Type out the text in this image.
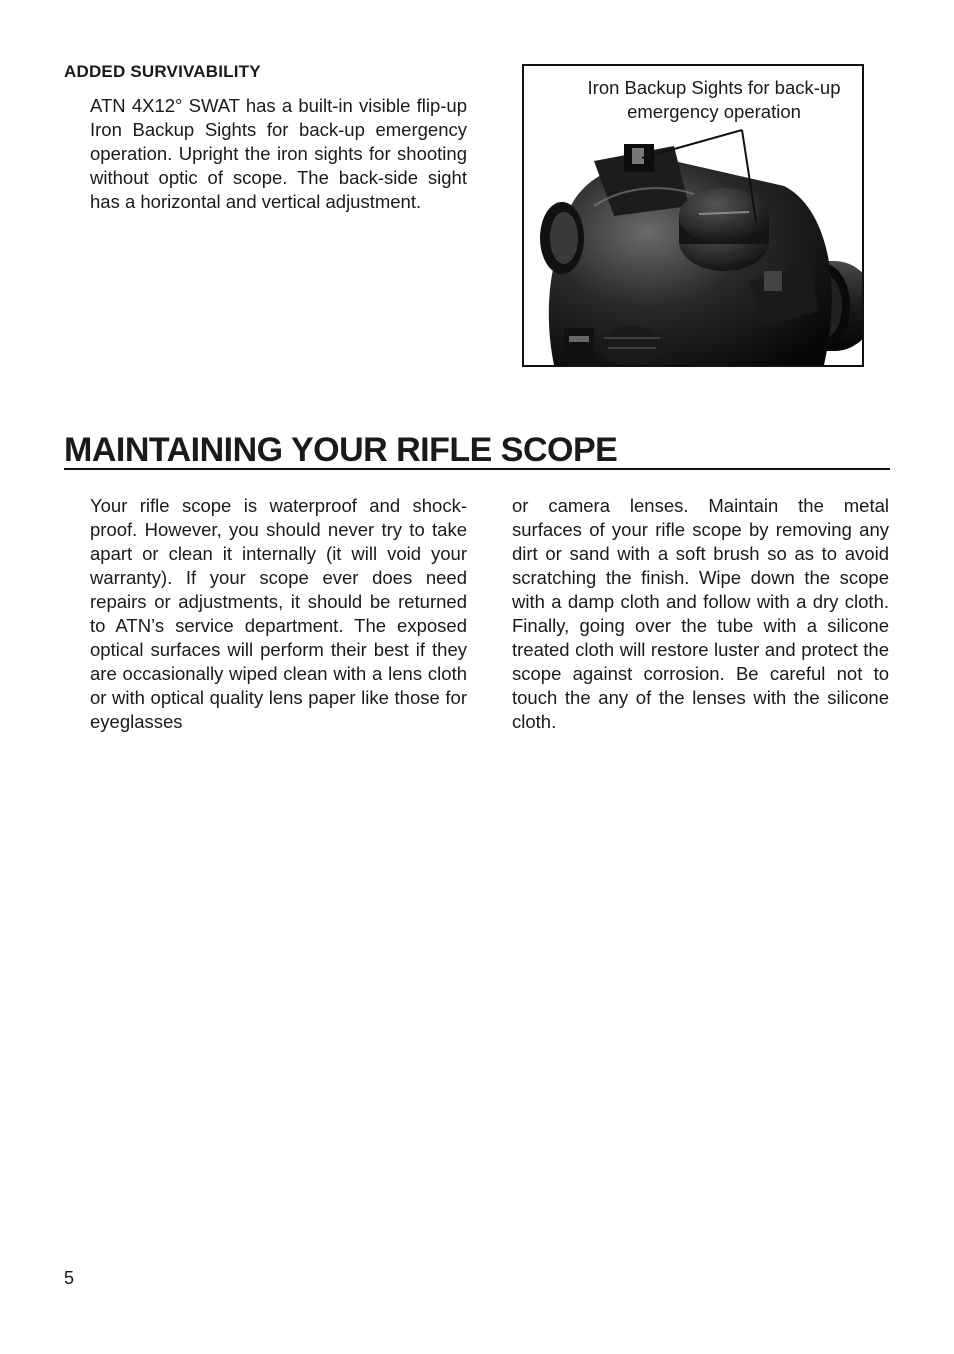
ADDED SURVIVABILITY

ATN 4X12° SWAT has a built-in visible flip-up Iron Backup Sights for back-up emergency operation. Upright the iron sights for shooting without optic of scope. The back-side sight has a horizontal and vertical adjustment.

Iron Backup Sights for back-up emergency operation

MAINTAINING YOUR RIFLE SCOPE

Your rifle scope is waterproof and shock-proof. However, you should never try to take apart or clean it internally (it will void your warranty). If your scope ever does need repairs or adjustments, it should be returned to ATN’s service department. The exposed optical surfaces will perform their best if they are occasionally wiped clean with a lens cloth or with optical quality lens paper like those for eyeglasses

or camera lenses. Maintain the metal surfaces of your rifle scope by removing any dirt or sand with a soft brush so as to avoid scratching the finish. Wipe down the scope with a damp cloth and follow with a dry cloth. Finally, going over the tube with a silicone treated cloth will restore luster and protect the scope against corrosion. Be careful not to touch the any of the lenses with the silicone cloth.

5
